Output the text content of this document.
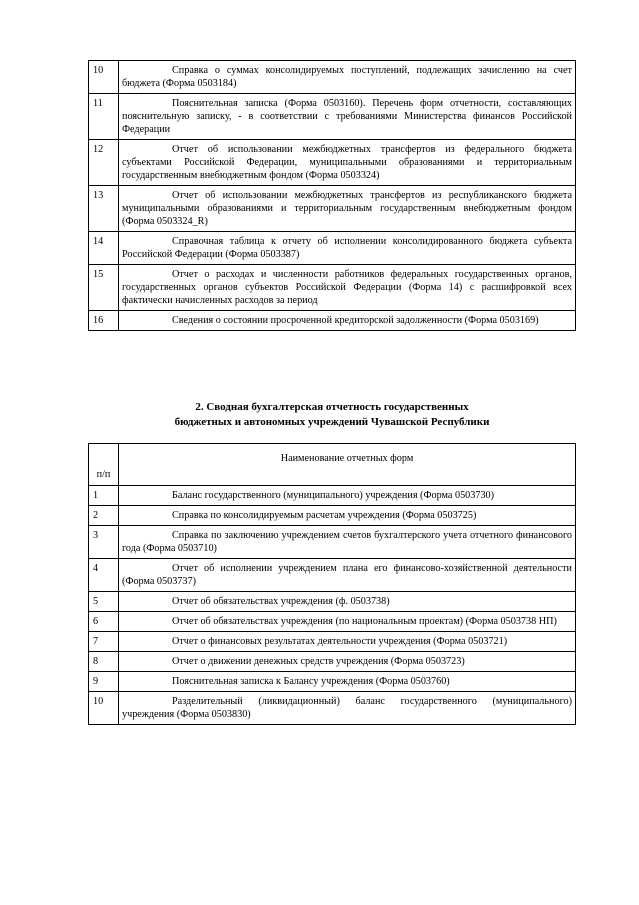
10	Справка о суммах консолидируемых поступлений, подлежащих зачислению на счет бюджета (Форма 0503184)
11	Пояснительная записка (Форма 0503160). Перечень форм отчетности, составляющих пояснительную записку, - в соответствии с требованиями Министерства финансов Российской Федерации
12	Отчет об использовании межбюджетных трансфертов из федерального бюджета субъектами Российской Федерации, муниципальными образованиями и территориальным государственным внебюджетным фондом (Форма 0503324)
13	Отчет об использовании межбюджетных трансфертов из республиканского бюджета муниципальными образованиями и территориальным государственным внебюджетным фондом (Форма 0503324_R)
14	Справочная таблица к отчету об исполнении консолидированного бюджета субъекта Российской Федерации (Форма 0503387)
15	Отчет о расходах и численности работников федеральных государственных органов, государственных органов субъектов Российской Федерации (Форма 14) с расшифровкой всех фактически начисленных расходов за период
16	Сведения о состоянии просроченной кредиторской задолженности (Форма 0503169)
2. Сводная бухгалтерская отчетность государственных
бюджетных и автономных учреждений Чувашской Республики
п/п	Наименование отчетных форм
1	Баланс государственного (муниципального) учреждения (Форма 0503730)
2	Справка по консолидируемым расчетам учреждения (Форма 0503725)
3	Справка по заключению учреждением счетов бухгалтерского учета отчетного финансового года (Форма 0503710)
4	Отчет об исполнении учреждением плана его финансово-хозяйственной деятельности (Форма 0503737)
5	Отчет об обязательствах учреждения (ф. 0503738)
6	Отчет об обязательствах учреждения (по национальным проектам) (Форма 0503738 НП)
7	Отчет о финансовых результатах деятельности учреждения (Форма 0503721)
8	Отчет о движении денежных средств учреждения (Форма 0503723)
9	Пояснительная записка к Балансу учреждения (Форма 0503760)
10	Разделительный (ликвидационный) баланс государственного (муниципального) учреждения (Форма 0503830)
